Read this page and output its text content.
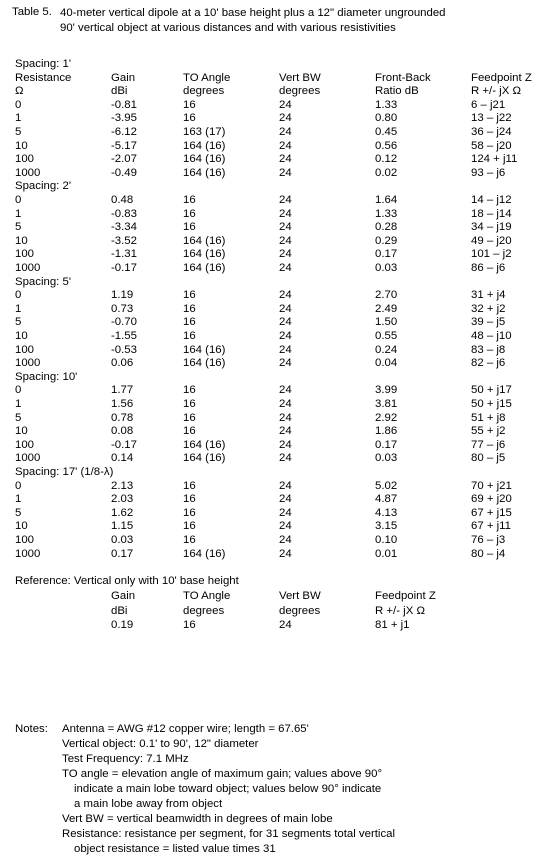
Table 5. 40-meter vertical dipole at a 10' base height plus a 12" diameter ungrounded
90' vertical object at various distances and with various resistivities
Spacing: 1'
Resistance	Gain	TO Angle	Vert BW	Front-Back	Feedpoint Z
Ω	dBi	degrees	degrees	Ratio dB	R +/- jX Ω
0	-0.81	16	24	1.33	6 – j21
1	-3.95	16	24	0.80	13 – j22
5	-6.12	163 (17)	24	0.45	36 – j24
10	-5.17	164 (16)	24	0.56	58 – j20
100	-2.07	164 (16)	24	0.12	124 + j11
1000	-0.49	164 (16)	24	0.02	93 – j6
Spacing: 2'
0	0.48	16	24	1.64	14 – j12
1	-0.83	16	24	1.33	18 – j14
5	-3.34	16	24	0.28	34 – j19
10	-3.52	164 (16)	24	0.29	49 – j20
100	-1.31	164 (16)	24	0.17	101 – j2
1000	-0.17	164 (16)	24	0.03	86 – j6
Spacing: 5'
0	1.19	16	24	2.70	31 + j4
1	0.73	16	24	2.49	32 + j2
5	-0.70	16	24	1.50	39 – j5
10	-1.55	16	24	0.55	48 – j10
100	-0.53	164 (16)	24	0.24	83 – j8
1000	0.06	164 (16)	24	0.04	82 – j6
Spacing: 10'
0	1.77	16	24	3.99	50 + j17
1	1.56	16	24	3.81	50 + j15
5	0.78	16	24	2.92	51 + j8
10	0.08	16	24	1.86	55 + j2
100	-0.17	164 (16)	24	0.17	77 – j6
1000	0.14	164 (16)	24	0.03	80 – j5
Spacing: 17' (1/8-λ)
0	2.13	16	24	5.02	70 + j21
1	2.03	16	24	4.87	69 + j20
5	1.62	16	24	4.13	67 + j15
10	1.15	16	24	3.15	67 + j11
100	0.03	16	24	0.10	76 – j3
1000	0.17	164 (16)	24	0.01	80 – j4
Reference: Vertical only with 10' base height
Gain	TO Angle	Vert BW	Feedpoint Z
dBi	degrees	degrees	R +/- jX Ω
0.19	16	24	81 + j1
Notes: Antenna = AWG #12 copper wire; length = 67.65'
Vertical object: 0.1' to 90', 12" diameter
Test Frequency: 7.1 MHz
TO angle = elevation angle of maximum gain; values above 90°
indicate a main lobe toward object; values below 90° indicate
a main lobe away from object
Vert BW = vertical beamwidth in degrees of main lobe
Resistance: resistance per segment, for 31 segments total vertical
object resistance = listed value times 31
